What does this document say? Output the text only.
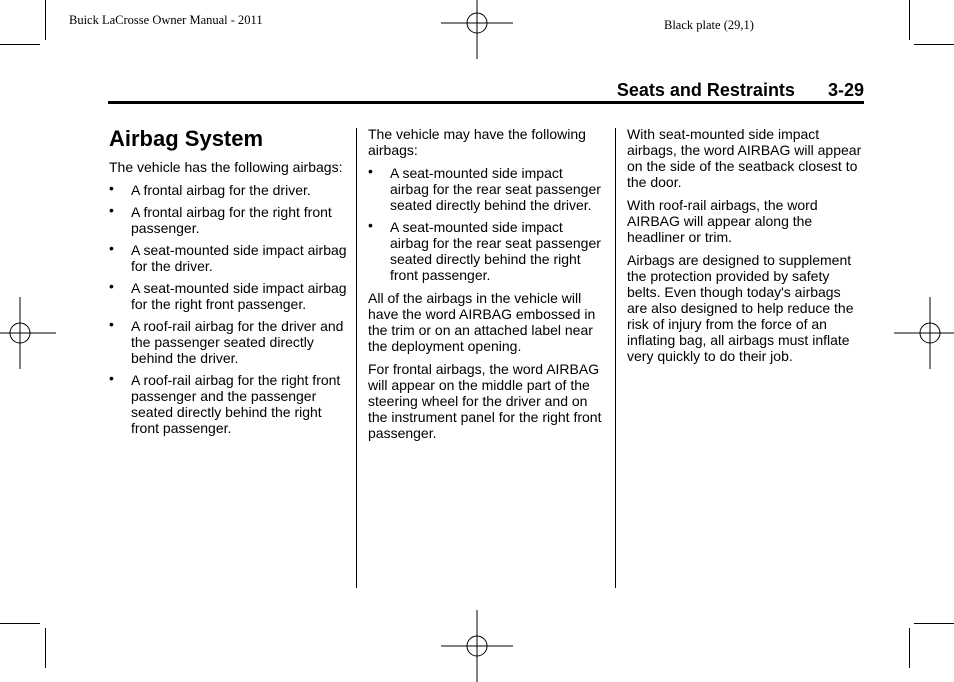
Buick LaCrosse Owner Manual - 2011	Black plate (29,1)
Seats and Restraints 3-29
Airbag System

The vehicle has the following airbags:

• A frontal airbag for the driver.
• A frontal airbag for the right front passenger.
• A seat-mounted side impact airbag for the driver.
• A seat-mounted side impact airbag for the right front passenger.
• A roof-rail airbag for the driver and the passenger seated directly behind the driver.
• A roof-rail airbag for the right front passenger and the passenger seated directly behind the right front passenger.

The vehicle may have the following airbags:

• A seat-mounted side impact airbag for the rear seat passenger seated directly behind the driver.
• A seat-mounted side impact airbag for the rear seat passenger seated directly behind the right front passenger.

All of the airbags in the vehicle will have the word AIRBAG embossed in the trim or on an attached label near the deployment opening.

For frontal airbags, the word AIRBAG will appear on the middle part of the steering wheel for the driver and on the instrument panel for the right front passenger.

With seat-mounted side impact airbags, the word AIRBAG will appear on the side of the seatback closest to the door.

With roof-rail airbags, the word AIRBAG will appear along the headliner or trim.

Airbags are designed to supplement the protection provided by safety belts. Even though today's airbags are also designed to help reduce the risk of injury from the force of an inflating bag, all airbags must inflate very quickly to do their job.
